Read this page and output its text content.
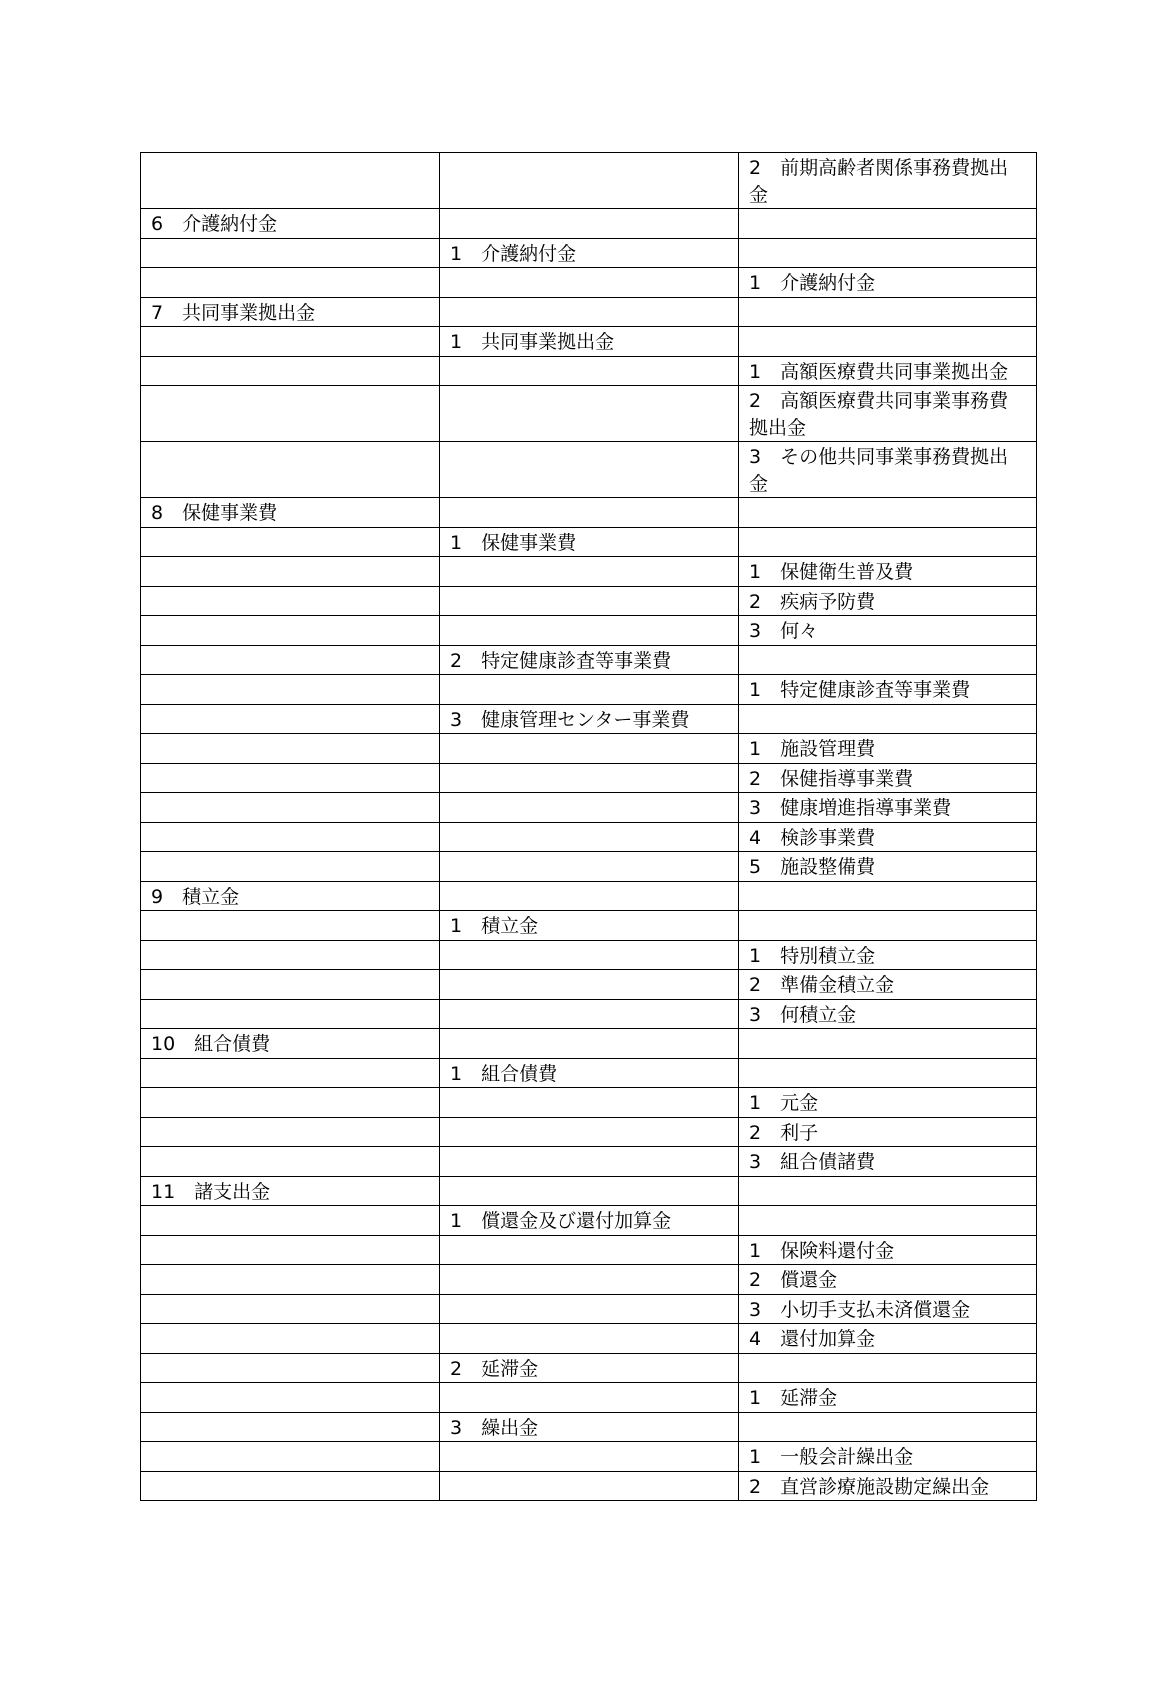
		2　前期高齢者関係事務費拠出金
6　介護納付金		
	1　介護納付金	
		1　介護納付金
7　共同事業拠出金		
	1　共同事業拠出金	
		1　高額医療費共同事業拠出金
		2　高額医療費共同事業事務費拠出金
		3　その他共同事業事務費拠出金
8　保健事業費		
	1　保健事業費	
		1　保健衛生普及費
		2　疾病予防費
		3　何々
	2　特定健康診査等事業費	
		1　特定健康診査等事業費
	3　健康管理センター事業費	
		1　施設管理費
		2　保健指導事業費
		3　健康増進指導事業費
		4　検診事業費
		5　施設整備費
9　積立金		
	1　積立金	
		1　特別積立金
		2　準備金積立金
		3　何積立金
10　組合債費		
	1　組合債費	
		1　元金
		2　利子
		3　組合債諸費
11　諸支出金		
	1　償還金及び還付加算金	
		1　保険料還付金
		2　償還金
		3　小切手支払未済償還金
		4　還付加算金
	2　延滞金	
		1　延滞金
	3　繰出金	
		1　一般会計繰出金
		2　直営診療施設勘定繰出金
